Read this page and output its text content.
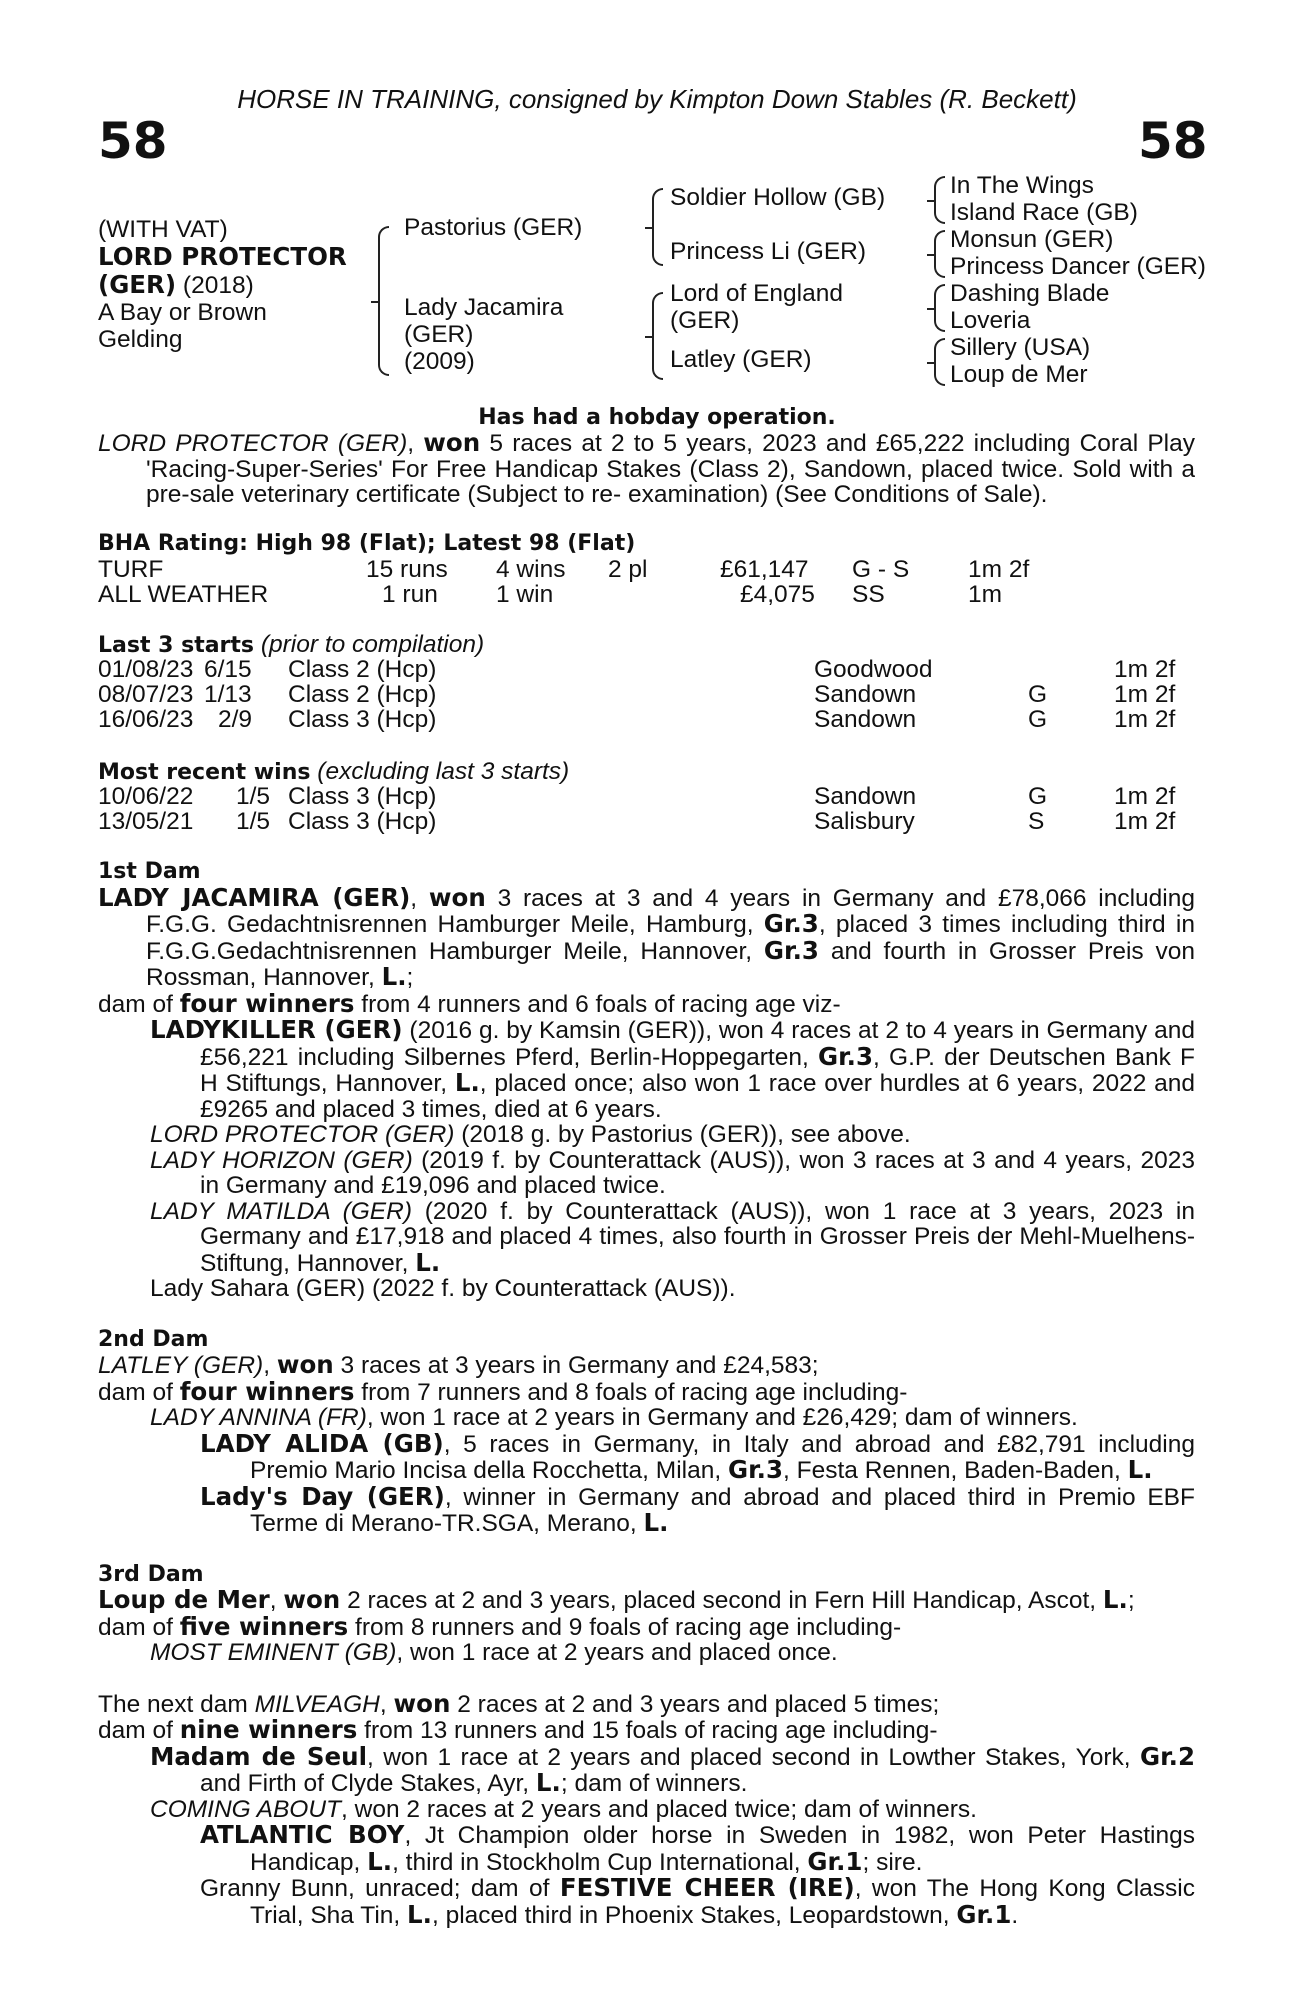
HORSE IN TRAINING, consigned by Kimpton Down Stables (R. Beckett)
58	58
(WITH VAT)
LORD PROTECTOR
(GER) (2018)
A Bay or Brown
Gelding
Pastorius (GER)
Lady Jacamira
(GER)
(2009)
Soldier Hollow (GB)
Princess Li (GER)
Lord of England
(GER)
Latley (GER)
In The Wings
Island Race (GB)
Monsun (GER)
Princess Dancer (GER)
Dashing Blade
Loveria
Sillery (USA)
Loup de Mer
Has had a hobday operation.

LORD PROTECTOR (GER), won 5 races at 2 to 5 years, 2023 and £65,222 including Coral Play 'Racing-Super-Series' For Free Handicap Stakes (Class 2), Sandown, placed twice. Sold with a pre-sale veterinary certificate (Subject to re- examination) (See Conditions of Sale).

BHA Rating: High 98 (Flat); Latest 98 (Flat)
TURF	15 runs 4 wins 2 pl	£61,147 G - S 1m 2f
ALL WEATHER	1 run 1 win	£4,075 SS	1m
Last 3 starts (prior to compilation)
01/08/23 6/15 Class 2 (Hcp)	Goodwood	1m 2f
08/07/23 1/13 Class 2 (Hcp)	Sandown	G	1m 2f
16/06/23 2/9 Class 3 (Hcp)	Sandown	G	1m 2f
Most recent wins (excluding last 3 starts)
10/06/22 1/5 Class 3 (Hcp)	Sandown	G	1m 2f
13/05/21 1/5 Class 3 (Hcp)	Salisbury	S	1m 2f

1st Dam

LADY JACAMIRA (GER), won 3 races at 3 and 4 years in Germany and £78,066 including F.G.G. Gedachtnisrennen Hamburger Meile, Hamburg, Gr.3, placed 3 times including third in F.G.G.Gedachtnisrennen Hamburger Meile, Hannover, Gr.3 and fourth in Grosser Preis von Rossman, Hannover, L.;

dam of four winners from 4 runners and 6 foals of racing age viz-

LADYKILLER (GER) (2016 g. by Kamsin (GER)), won 4 races at 2 to 4 years in Germany and £56,221 including Silbernes Pferd, Berlin-Hoppegarten, Gr.3, G.P. der Deutschen Bank F H Stiftungs, Hannover, L., placed once; also won 1 race over hurdles at 6 years, 2022 and £9265 and placed 3 times, died at 6 years.

LORD PROTECTOR (GER) (2018 g. by Pastorius (GER)), see above.

LADY HORIZON (GER) (2019 f. by Counterattack (AUS)), won 3 races at 3 and 4 years, 2023 in Germany and £19,096 and placed twice.

LADY MATILDA (GER) (2020 f. by Counterattack (AUS)), won 1 race at 3 years, 2023 in Germany and £17,918 and placed 4 times, also fourth in Grosser Preis der Mehl-Muelhens-Stiftung, Hannover, L.

Lady Sahara (GER) (2022 f. by Counterattack (AUS)).

2nd Dam

LATLEY (GER), won 3 races at 3 years in Germany and £24,583;

dam of four winners from 7 runners and 8 foals of racing age including-

LADY ANNINA (FR), won 1 race at 2 years in Germany and £26,429; dam of winners.

LADY ALIDA (GB), 5 races in Germany, in Italy and abroad and £82,791 including Premio Mario Incisa della Rocchetta, Milan, Gr.3, Festa Rennen, Baden-Baden, L.

Lady's Day (GER), winner in Germany and abroad and placed third in Premio EBF Terme di Merano-TR.SGA, Merano, L.

3rd Dam

Loup de Mer, won 2 races at 2 and 3 years, placed second in Fern Hill Handicap, Ascot, L.;

dam of five winners from 8 runners and 9 foals of racing age including-

MOST EMINENT (GB), won 1 race at 2 years and placed once.

The next dam MILVEAGH, won 2 races at 2 and 3 years and placed 5 times;

dam of nine winners from 13 runners and 15 foals of racing age including-

Madam de Seul, won 1 race at 2 years and placed second in Lowther Stakes, York, Gr.2 and Firth of Clyde Stakes, Ayr, L.; dam of winners.

COMING ABOUT, won 2 races at 2 years and placed twice; dam of winners.

ATLANTIC BOY, Jt Champion older horse in Sweden in 1982, won Peter Hastings Handicap, L., third in Stockholm Cup International, Gr.1; sire.

Granny Bunn, unraced; dam of FESTIVE CHEER (IRE), won The Hong Kong Classic Trial, Sha Tin, L., placed third in Phoenix Stakes, Leopardstown, Gr.1.
